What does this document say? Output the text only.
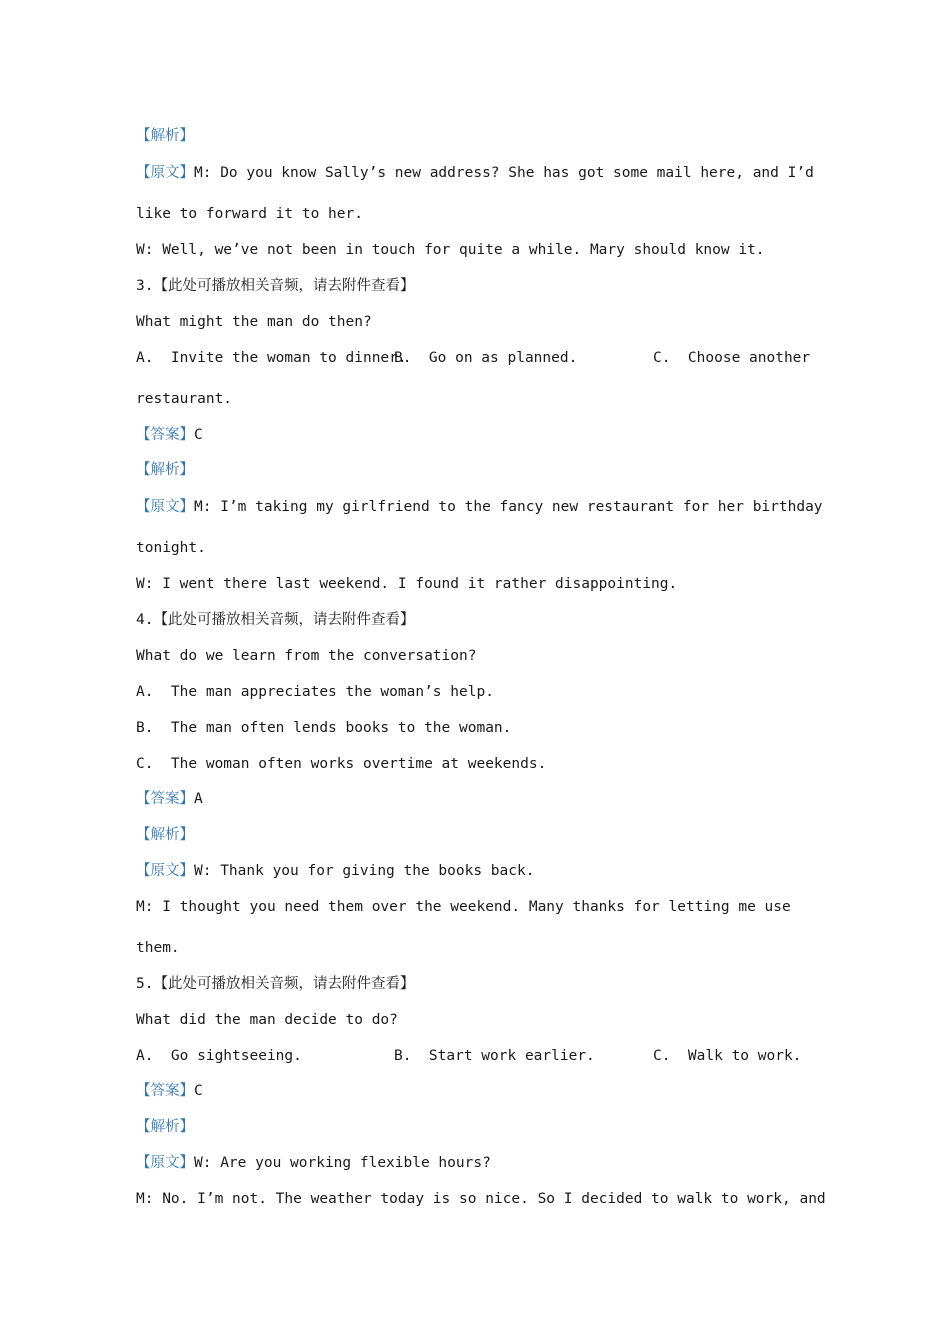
【解析】
【原文】M: Do you know Sally’s new address? She has got some mail here, and I’d
like to forward it to her.
W: Well, we’ve not been in touch for quite a while. Mary should know it.
3.【此处可播放相关音频，请去附件查看】
What might the man do then?
A.  Invite the woman to dinner.
B.  Go on as planned.	C.  Choose another
restaurant.
【答案】C
【解析】
【原文】M: I’m taking my girlfriend to the fancy new restaurant for her birthday
tonight.
W: I went there last weekend. I found it rather disappointing.
4.【此处可播放相关音频，请去附件查看】
What do we learn from the conversation?
A.  The man appreciates the woman’s help.
B.  The man often lends books to the woman.
C.  The woman often works overtime at weekends.
【答案】A
【解析】
【原文】W: Thank you for giving the books back.
M: I thought you need them over the weekend. Many thanks for letting me use
them.
5.【此处可播放相关音频，请去附件查看】
What did the man decide to do?
A.  Go sightseeing.	B.  Start work earlier.	C.  Walk to work.
【答案】C
【解析】
【原文】W: Are you working flexible hours?
M: No. I’m not. The weather today is so nice. So I decided to walk to work, and
